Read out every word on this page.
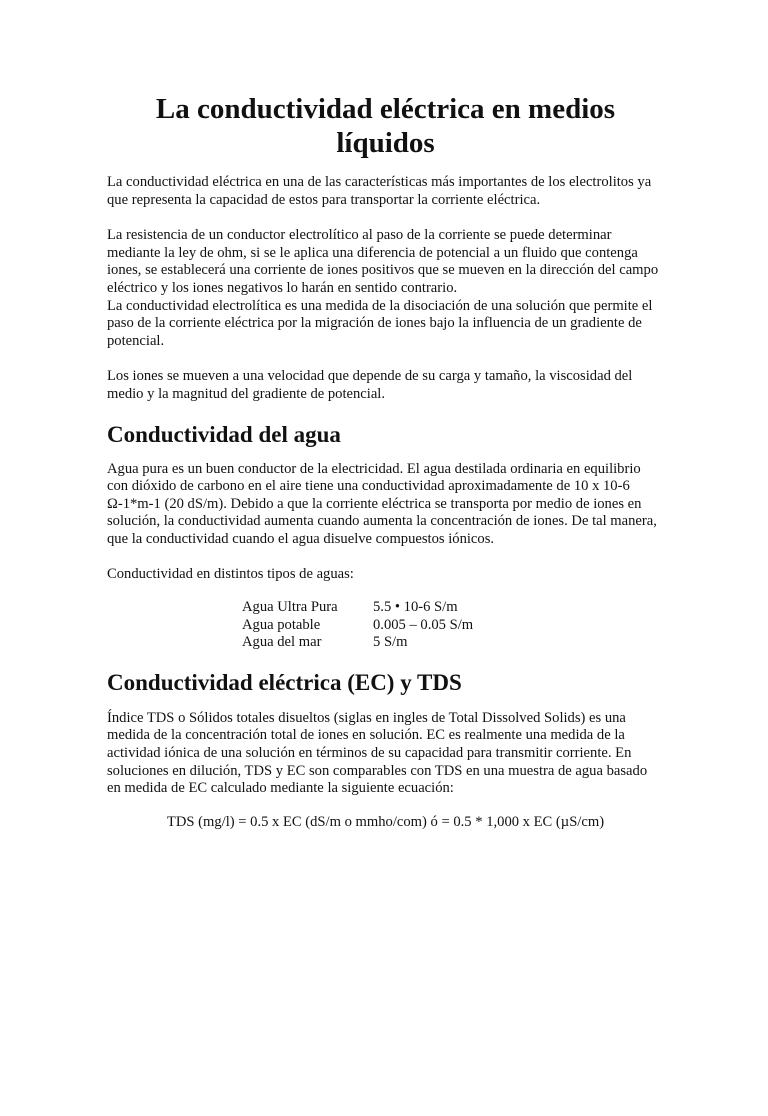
La conductividad eléctrica en medios líquidos

La conductividad eléctrica en una de las características más importantes de los electrolitos ya que representa la capacidad de estos para transportar la corriente eléctrica.

La resistencia de un conductor electrolítico al paso de la corriente se puede determinar mediante la ley de ohm, si se le aplica una diferencia de potencial a un fluido que contenga iones, se establecerá una corriente de iones positivos que se mueven en la dirección del campo eléctrico y los iones negativos lo harán en sentido contrario.

La conductividad electrolítica es una medida de la disociación de una solución que permite el paso de la corriente eléctrica por la migración de iones bajo la influencia de un gradiente de potencial.

Los iones se mueven a una velocidad que depende de su carga y tamaño, la viscosidad del medio y la magnitud del gradiente de potencial.

Conductividad del agua

Agua pura es un buen conductor de la electricidad. El agua destilada ordinaria en equilibrio con dióxido de carbono en el aire tiene una conductividad aproximadamente de 10 x 10-6 Ω-1*m-1 (20 dS/m). Debido a que la corriente eléctrica se transporta por medio de iones en solución, la conductividad aumenta cuando aumenta la concentración de iones. De tal manera, que la conductividad cuando el agua disuelve compuestos iónicos.

Conductividad en distintos tipos de aguas:

Agua Ultra Pura	5.5 • 10-6 S/m
Agua potable	0.005 – 0.05 S/m
Agua del mar	5 S/m
Conductividad eléctrica (EC) y TDS

Índice TDS o Sólidos totales disueltos (siglas en ingles de Total Dissolved Solids) es una medida de la concentración total de iones en solución. EC es realmente una medida de la actividad iónica de una solución en términos de su capacidad para transmitir corriente. En soluciones en dilución, TDS y EC son comparables con TDS en una muestra de agua basado en medida de EC calculado mediante la siguiente ecuación:

TDS (mg/l) = 0.5 x EC (dS/m o mmho/com) ó = 0.5 * 1,000 x EC (µS/cm)
